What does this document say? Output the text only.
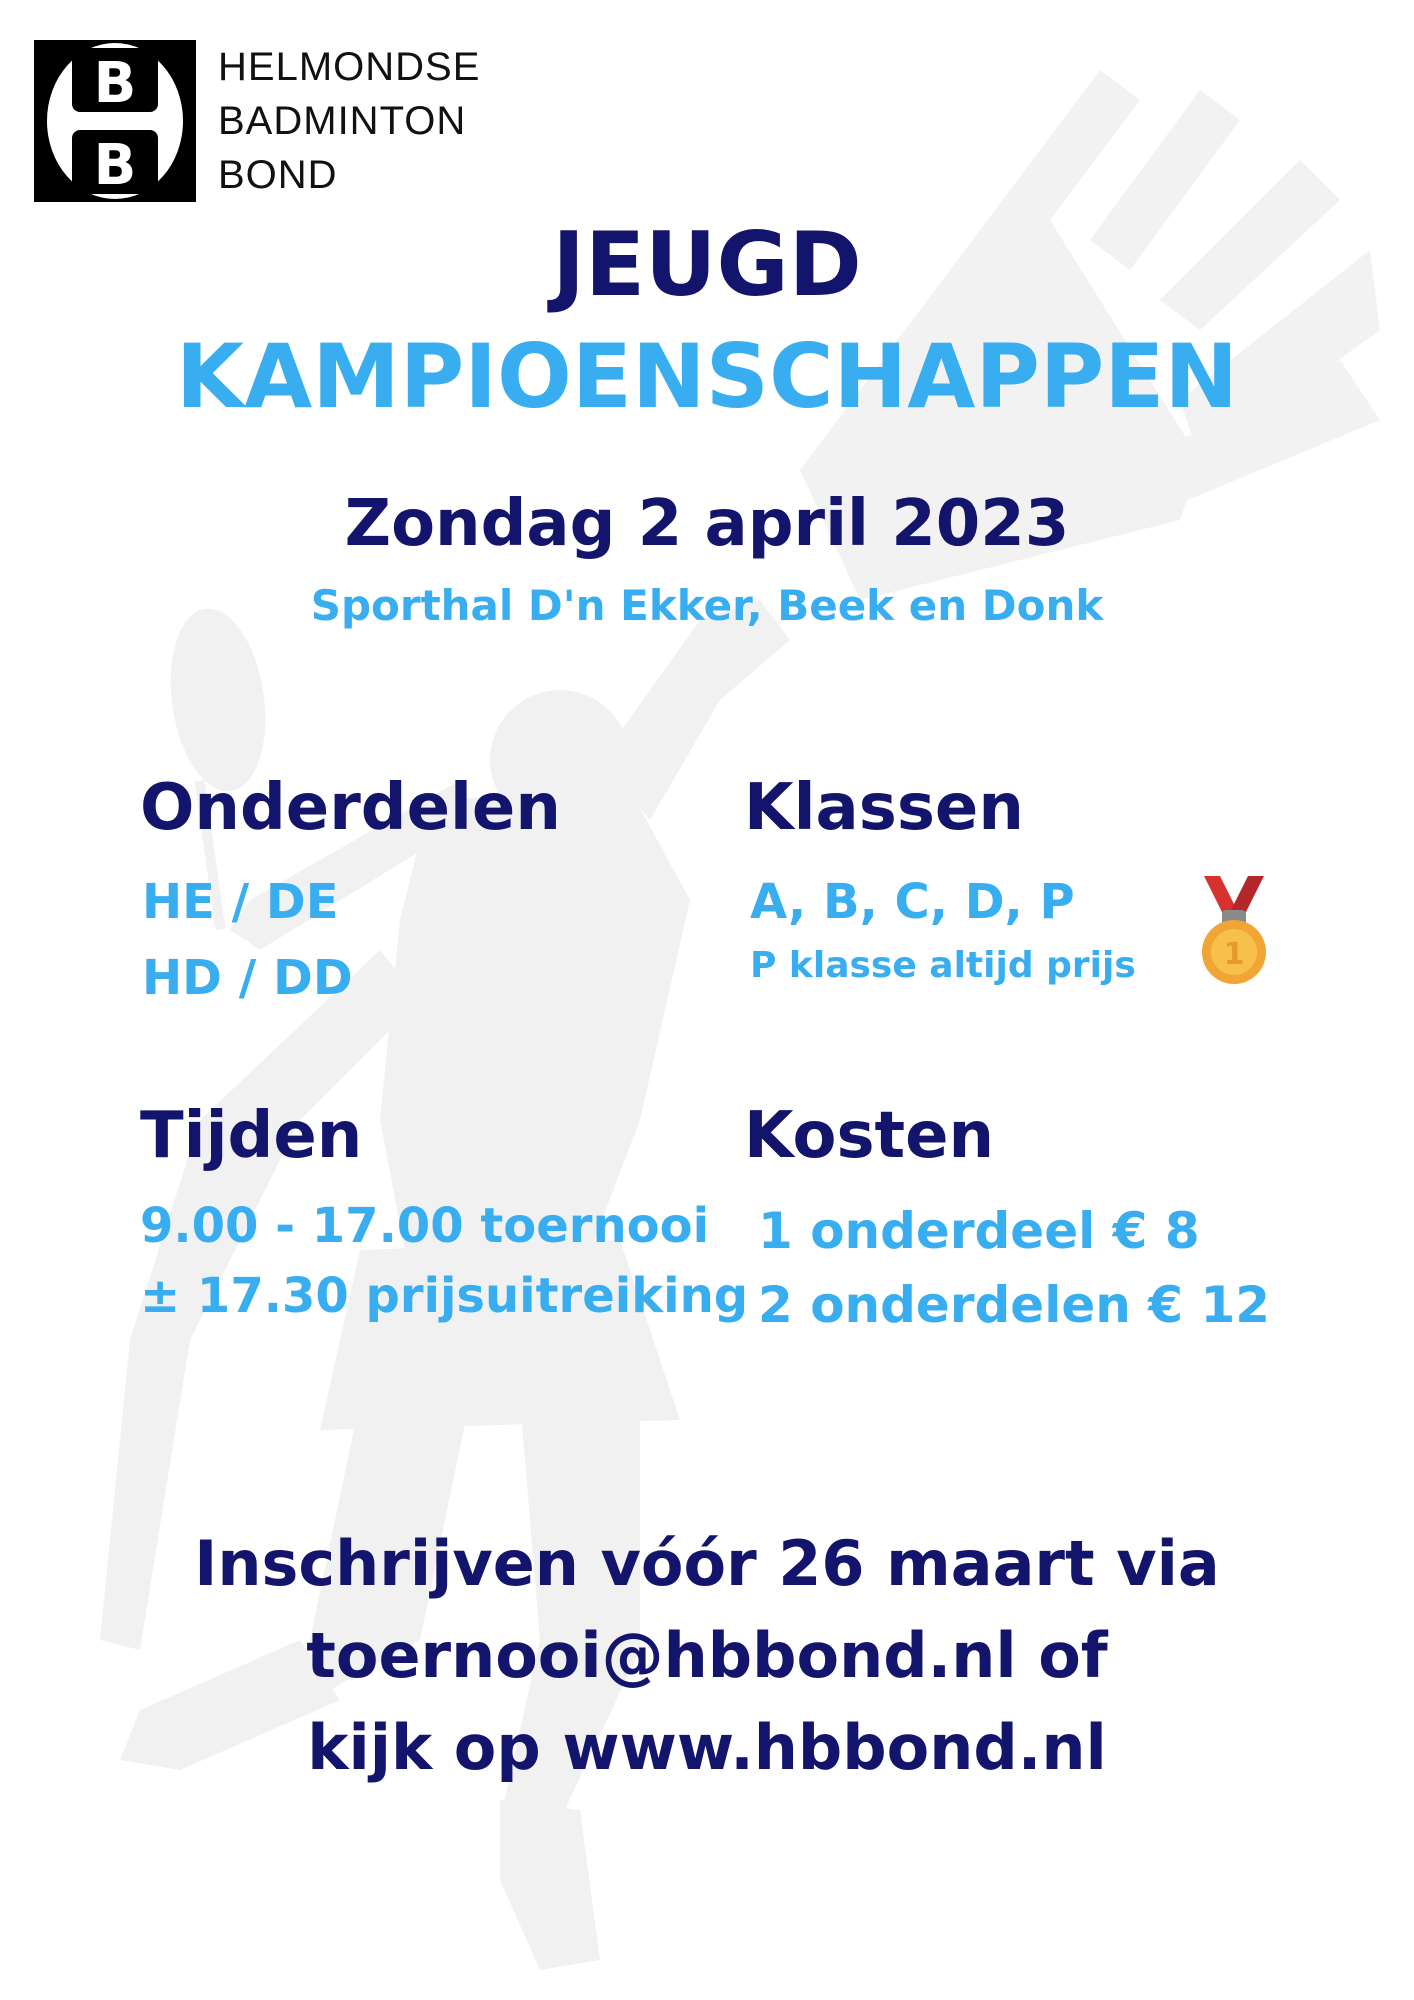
B
B
HELMONDSE
BADMINTON
BOND
JEUGD
KAMPIOENSCHAPPEN
Zondag 2 april 2023
Sporthal D'n Ekker, Beek en Donk
Onderdelen
HE / DE
HD / DD
Klassen
A, B, C, D, P
P klasse altijd prijs	1
Tijden
9.00 - 17.00 toernooi
± 17.30 prijsuitreiking
Kosten
1 onderdeel € 8
2 onderdelen € 12
Inschrijven vóór 26 maart via
toernooi@hbbond.nl of
kijk op www.hbbond.nl
